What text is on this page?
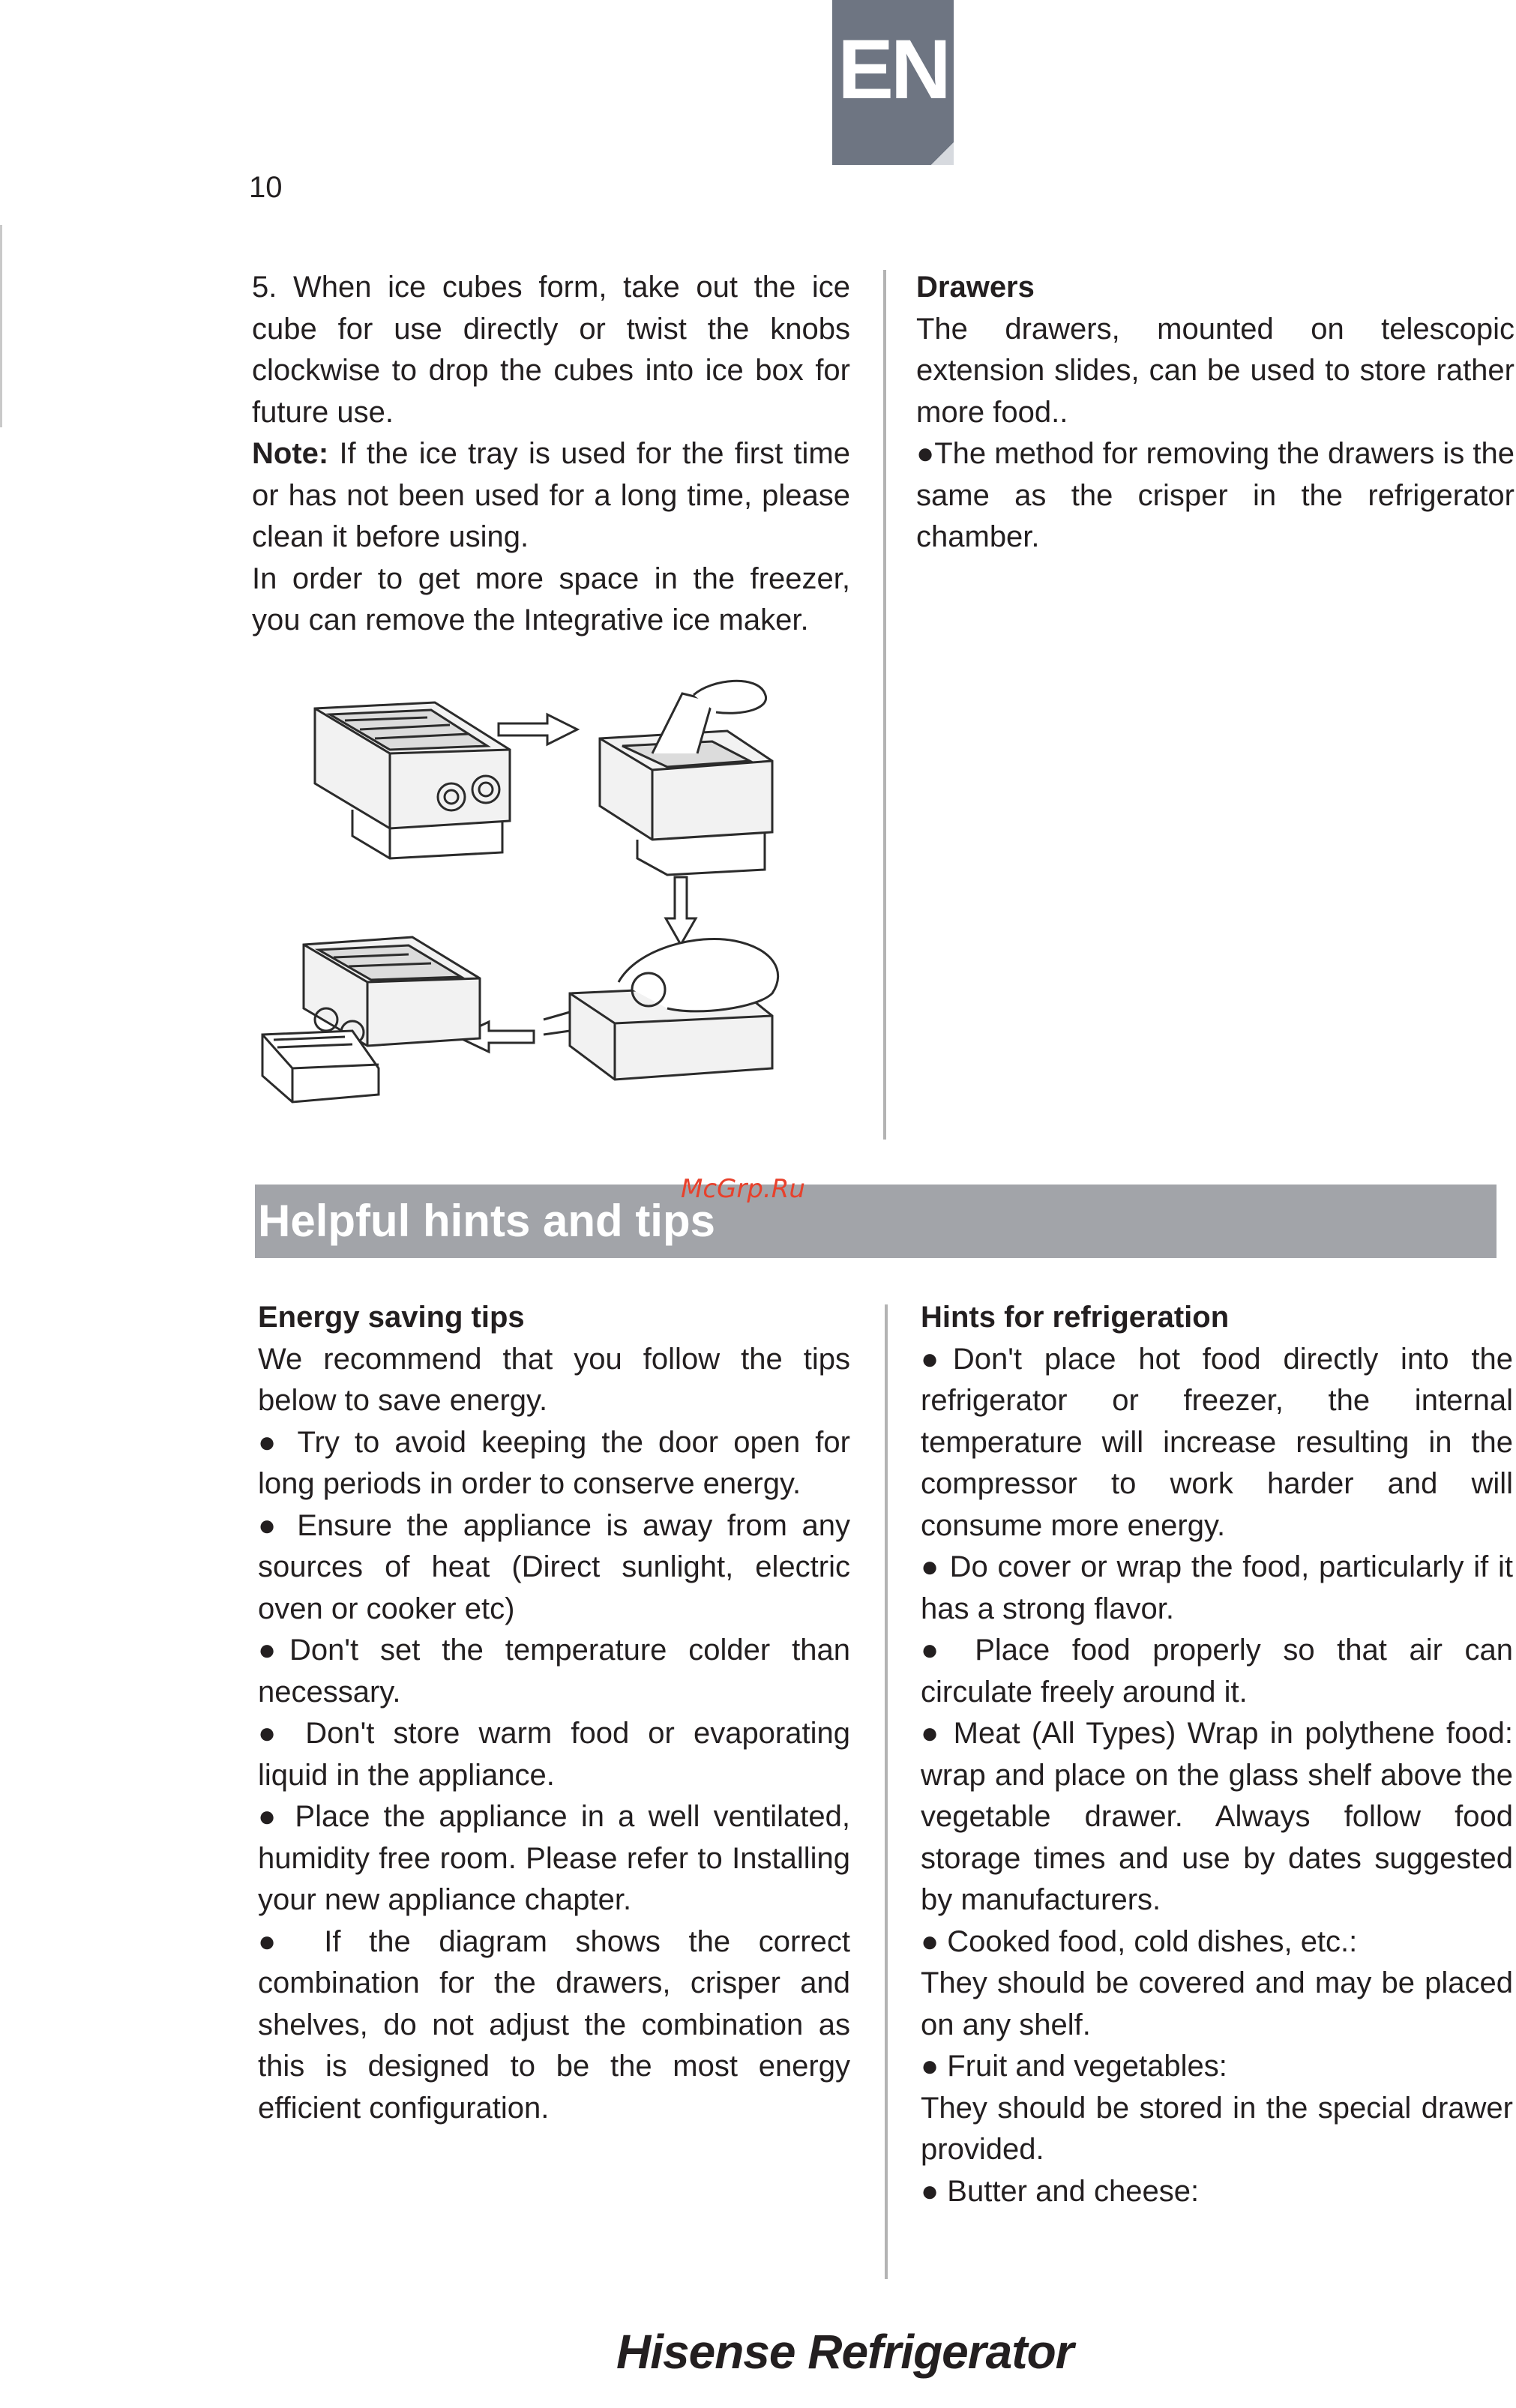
EN
10

5. When ice cubes form, take out the ice cube for use directly or twist the knobs clockwise to drop the cubes into ice box for future use.

Note: If the ice tray is used for the first time or has not been used for a long time, please clean it before using.

In order to get more space in the freezer, you can remove the Integrative ice maker.

Drawers

The drawers, mounted on telescopic extension slides, can be used to store rather more food..

●The method for removing the drawers is the same as the crisper in the refrigerator chamber.

Helpful hints and tips
McGrp.Ru

Energy saving tips

We recommend that you follow the tips below to save energy.

● Try to avoid keeping the door open for long periods in order to conserve energy.

● Ensure the appliance is away from any sources of heat (Direct sunlight, electric oven or cooker etc)

●Don't set the temperature colder than necessary.

● Don't store warm food or evaporating liquid in the appliance.

● Place the appliance in a well ventilated, humidity free room. Please refer to Installing your new appliance chapter.

● If the diagram shows the correct combination for the drawers, crisper and shelves, do not adjust the combination as this is designed to be the most energy efficient configuration.

Hints for refrigeration

●Don't place hot food directly into the refrigerator or freezer, the internal temperature will increase resulting in the compressor to work harder and will consume more energy.

● Do cover or wrap the food, particularly if it has a strong flavor.

● Place food properly so that air can circulate freely around it.

● Meat (All Types) Wrap in polythene food: wrap and place on the glass shelf above the vegetable drawer. Always follow food storage times and use by dates suggested by manufacturers.

● Cooked food, cold dishes, etc.:

They should be covered and may be placed on any shelf.

● Fruit and vegetables:

They should be stored in the special drawer provided.

● Butter and cheese:

Hisense Refrigerator
